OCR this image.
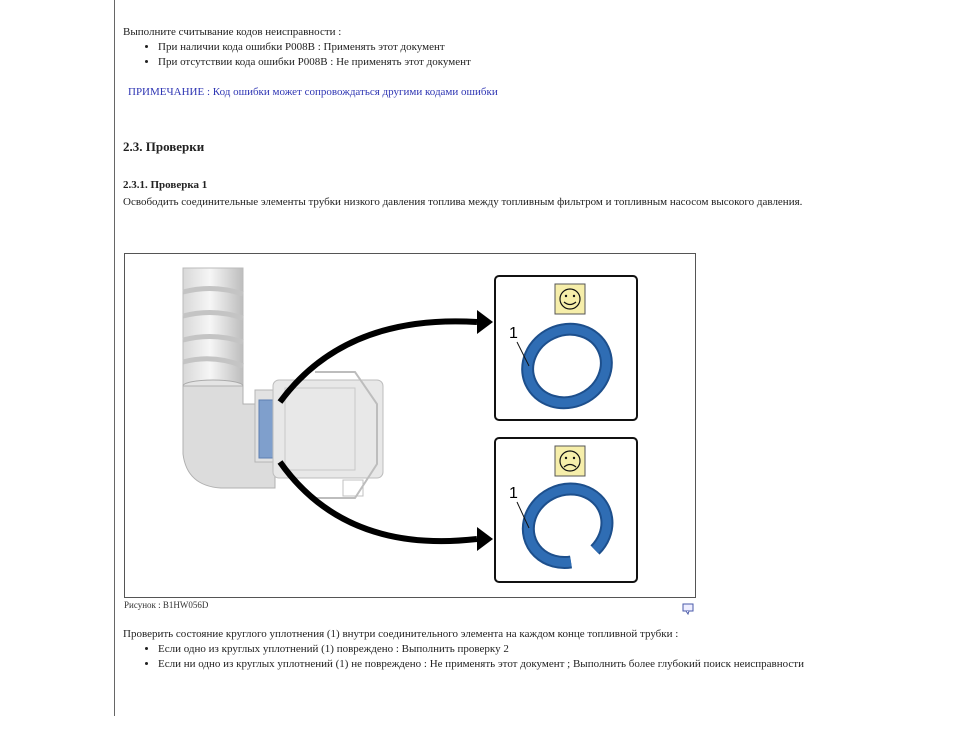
Выполните считывание кодов неисправности :

• При наличии кода ошибки P008B : Применять этот документ
• При отсутствии кода ошибки P008B : Не применять этот документ

ПРИМЕЧАНИЕ : Код ошибки может сопровождаться другими кодами ошибки

2.3. Проверки
2.3.1. Проверка 1

Освободить соединительные элементы трубки низкого давления топлива между топливным фильтром и топливным насосом высокого давления.

1
1
Рисунок : B1HW056D

Проверить состояние круглого уплотнения (1) внутри соединительного элемента на каждом конце топливной трубки :

• Если одно из круглых уплотнений (1) повреждено : Выполнить проверку 2
• Если ни одно из круглых уплотнений (1) не повреждено : Не применять этот документ ; Выполнить более глубокий поиск неисправности
